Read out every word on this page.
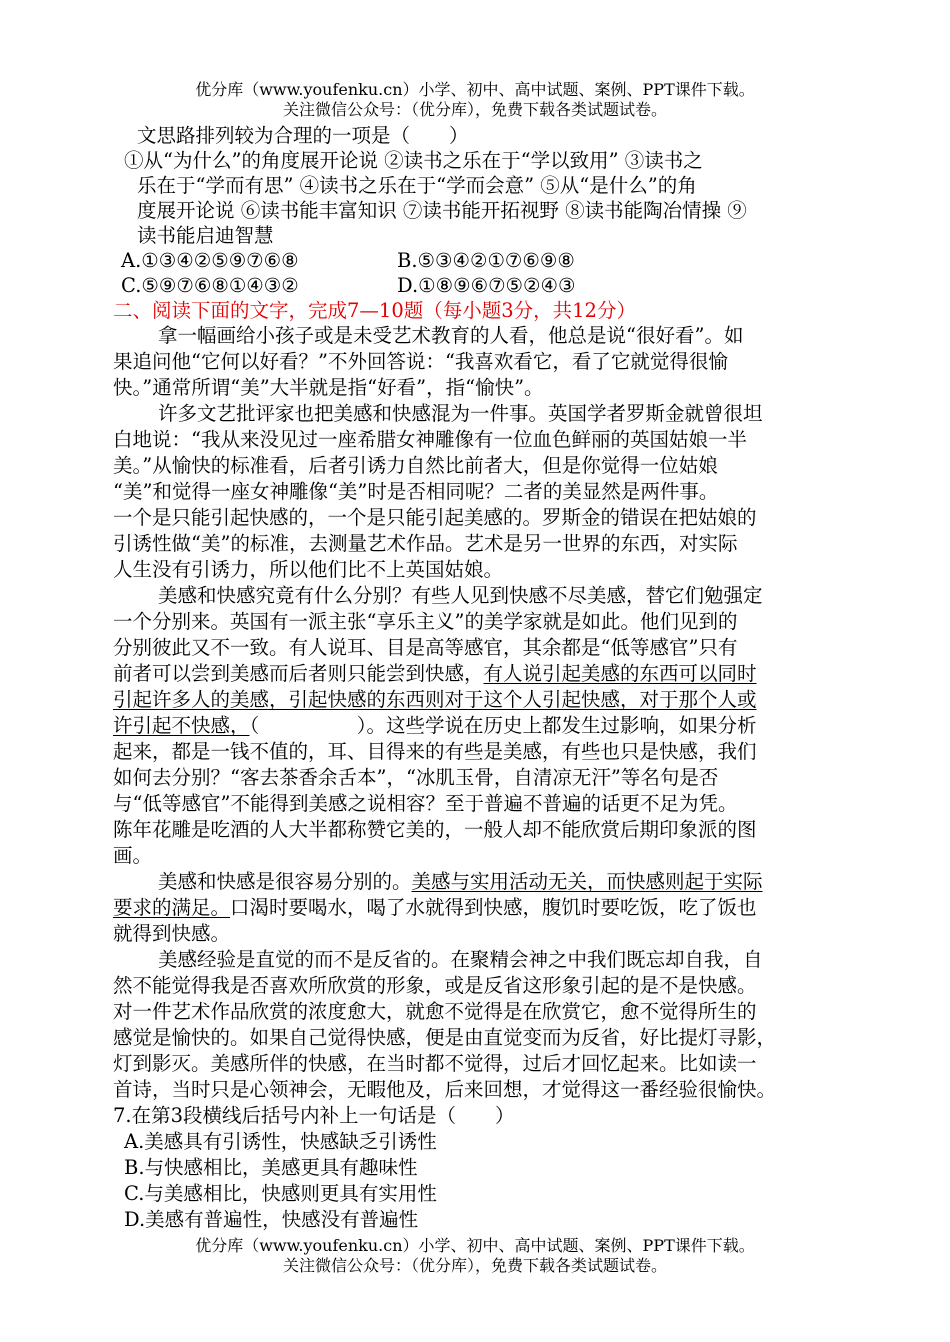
优分库（www.youfenku.cn）小学、初中、高中试题、案例、PPT课件下载。
关注微信公众号：（优分库），免费下载各类试题试卷。
文思路排列较为合理的一项是（　　）
①从“为什么”的角度展开论说 ②读书之乐在于“学以致用” ③读书之
乐在于“学而有思” ④读书之乐在于“学而会意” ⑤从“是什么”的角
度展开论说 ⑥读书能丰富知识 ⑦读书能开拓视野 ⑧读书能陶冶情操 ⑨
读书能启迪智慧
A.①③④②⑤⑨⑦⑥⑧	B.⑤③④②①⑦⑥⑨⑧
C.⑤⑨⑦⑥⑧①④③②	D.①⑧⑨⑥⑦⑤②④③
二、阅读下面的文字，完成7—10题（每小题3分，共12分）
拿一幅画给小孩子或是未受艺术教育的人看，他总是说“很好看”。如
果追问他“它何以好看？”不外回答说：“我喜欢看它，看了它就觉得很愉
快。”通常所谓“美”大半就是指“好看”，指“愉快”。
许多文艺批评家也把美感和快感混为一件事。英国学者罗斯金就曾很坦
白地说：“我从来没见过一座希腊女神雕像有一位血色鲜丽的英国姑娘一半
美。”从愉快的标准看，后者引诱力自然比前者大，但是你觉得一位姑娘
“美”和觉得一座女神雕像“美”时是否相同呢？二者的美显然是两件事。
一个是只能引起快感的，一个是只能引起美感的。罗斯金的错误在把姑娘的
引诱性做“美”的标准，去测量艺术作品。艺术是另一世界的东西，对实际
人生没有引诱力，所以他们比不上英国姑娘。
美感和快感究竟有什么分别？有些人见到快感不尽美感，替它们勉强定
一个分别来。英国有一派主张“享乐主义”的美学家就是如此。他们见到的
分别彼此又不一致。有人说耳、目是高等感官，其余都是“低等感官”只有
前者可以尝到美感而后者则只能尝到快感，有人说引起美感的东西可以同时
引起许多人的美感，引起快感的东西则对于这个人引起快感，对于那个人或
许引起不快感，（　　　　　）。这些学说在历史上都发生过影响，如果分析
起来，都是一钱不值的，耳、目得来的有些是美感，有些也只是快感，我们
如何去分别？“客去茶香余舌本”，“冰肌玉骨，自清凉无汗”等名句是否
与“低等感官”不能得到美感之说相容？至于普遍不普遍的话更不足为凭。
陈年花雕是吃酒的人大半都称赞它美的，一般人却不能欣赏后期印象派的图
画。
美感和快感是很容易分别的。美感与实用活动无关，而快感则起于实际
要求的满足。口渴时要喝水，喝了水就得到快感，腹饥时要吃饭，吃了饭也
就得到快感。
美感经验是直觉的而不是反省的。在聚精会神之中我们既忘却自我，自
然不能觉得我是否喜欢所欣赏的形象，或是反省这形象引起的是不是快感。
对一件艺术作品欣赏的浓度愈大，就愈不觉得是在欣赏它，愈不觉得所生的
感觉是愉快的。如果自己觉得快感，便是由直觉变而为反省，好比提灯寻影，
灯到影灭。美感所伴的快感，在当时都不觉得，过后才回忆起来。比如读一
首诗，当时只是心领神会，无暇他及，后来回想，才觉得这一番经验很愉快。
7.在第3段横线后括号内补上一句话是（　　）
A.美感具有引诱性，快感缺乏引诱性
B.与快感相比，美感更具有趣味性
C.与美感相比，快感则更具有实用性
D.美感有普遍性，快感没有普遍性
优分库（www.youfenku.cn）小学、初中、高中试题、案例、PPT课件下载。
关注微信公众号：（优分库），免费下载各类试题试卷。
